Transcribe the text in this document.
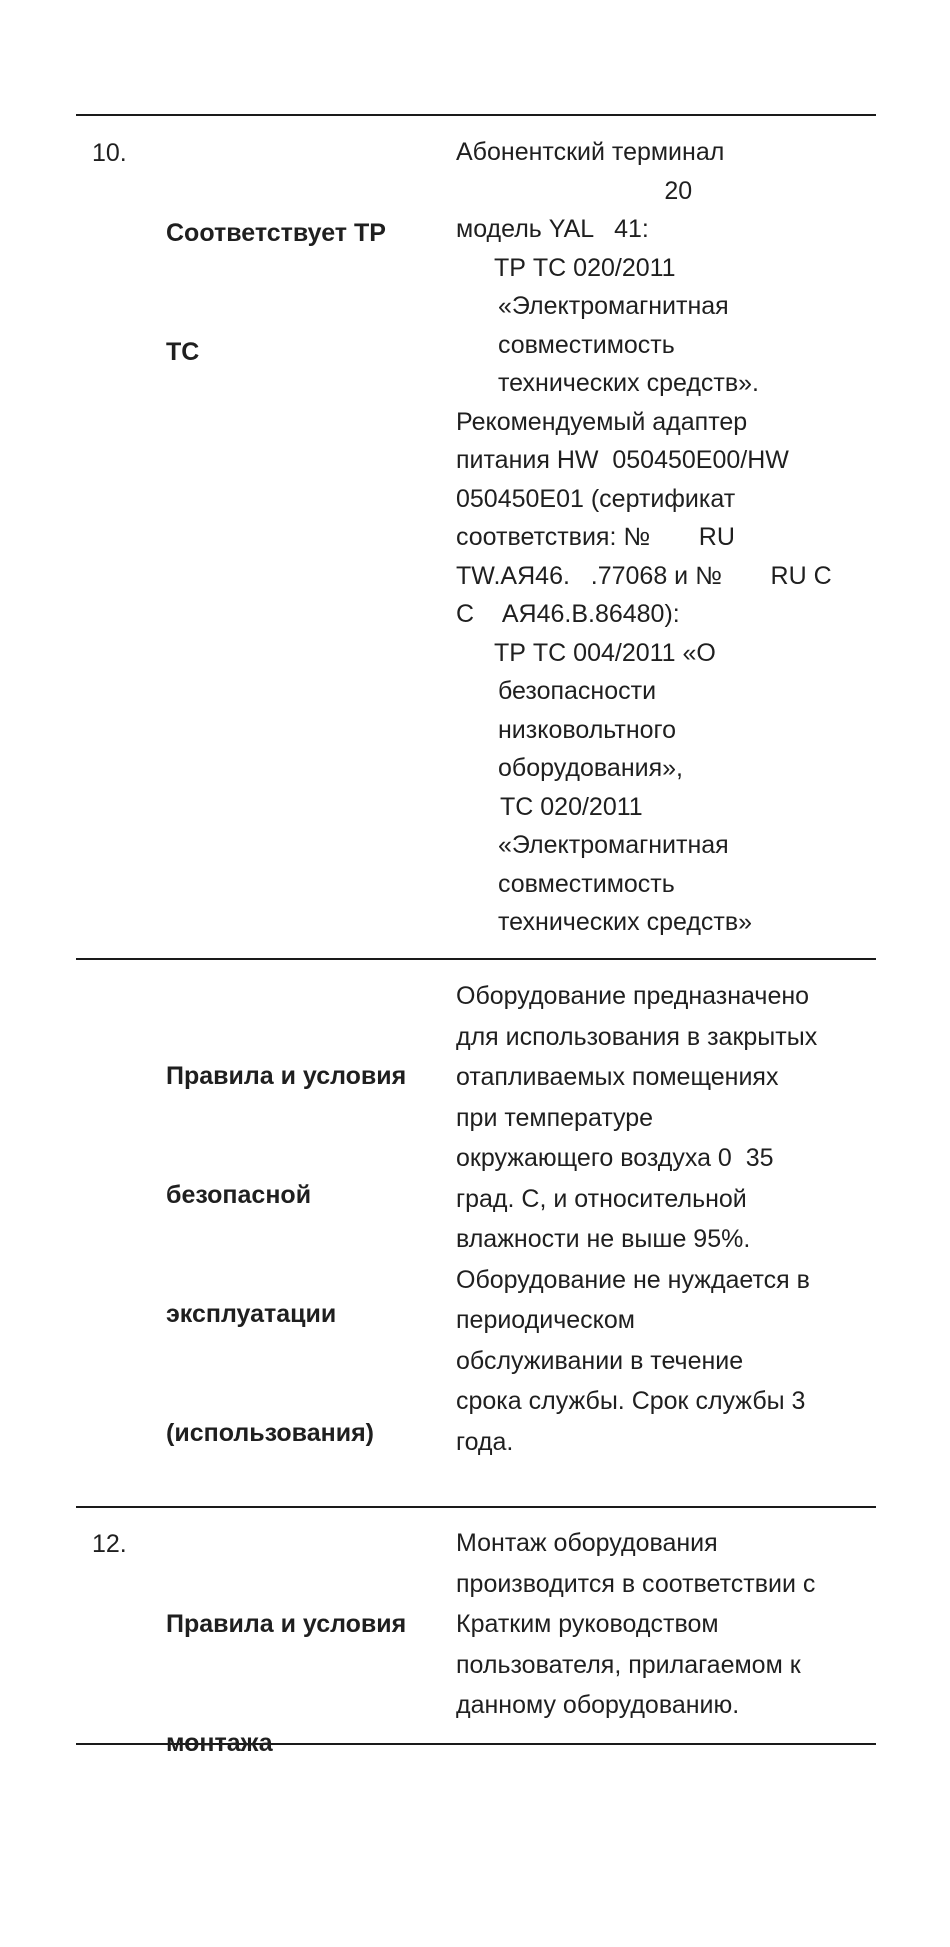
10.

Соответствует ТР

ТС

Абонентский терминал
20
модель YAL   41:
ТР ТС 020/2011
«Электромагнитная
совместимость
технических средств».
Рекомендуемый адаптер
питания HW  050450E00/HW
050450E01 (сертификат
соответствия: №       RU
TW.АЯ46.   .77068 и №       RU C
С    АЯ46.В.86480):
ТР ТС 004/2011 «О
безопасности
низковольтного
оборудования»,
ТС 020/2011
«Электромагнитная
совместимость
технических средств»

Правила и условия

безопасной

эксплуатации

(использования)

Оборудование предназначено
для использования в закрытых
отапливаемых помещениях
при температуре
окружающего воздуха 0  35
град. С, и относительной
влажности не выше 95%.
Оборудование не нуждается в
периодическом
обслуживании в течение
срока службы. Срок службы 3
года.
12.

Правила и условия

монтажа

Монтаж оборудования
производится в соответствии с
Кратким руководством
пользователя, прилагаемом к
данному оборудованию.
